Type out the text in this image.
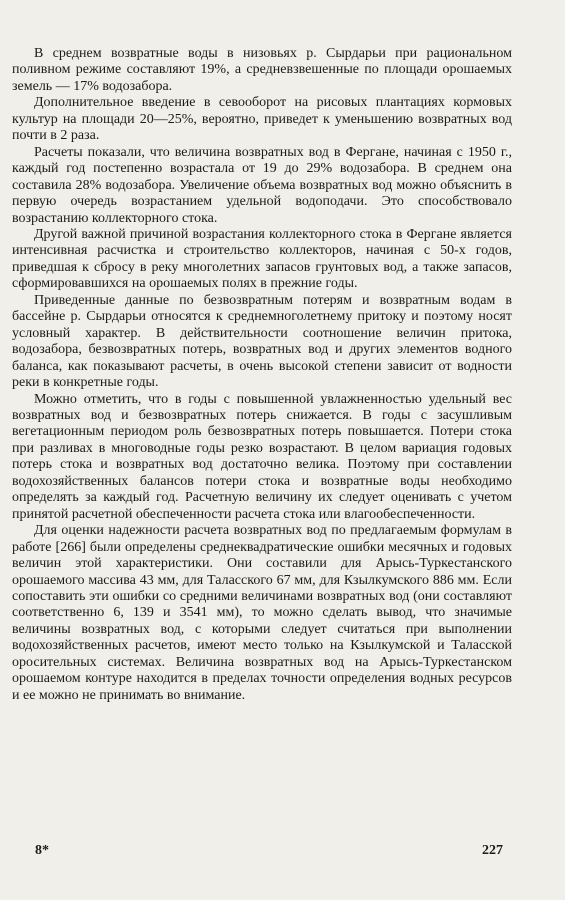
В среднем возвратные воды в низовьях р. Сырдарьи при рациональном поливном режиме составляют 19%, а средневзвешенные по площади орошаемых земель — 17% водозабора.

Дополнительное введение в севооборот на рисовых плантациях кормовых культур на площади 20—25%, вероятно, приведет к уменьшению возвратных вод почти в 2 раза.

Расчеты показали, что величина возвратных вод в Фергане, начиная с 1950 г., каждый год постепенно возрастала от 19 до 29% водозабора. В среднем она составила 28% водозабора. Увеличение объема возвратных вод можно объяснить в первую очередь возрастанием удельной водоподачи. Это способствовало возрастанию коллекторного стока.

Другой важной причиной возрастания коллекторного стока в Фергане является интенсивная расчистка и строительство коллекторов, начиная с 50-х годов, приведшая к сбросу в реку многолетних запасов грунтовых вод, а также запасов, сформировавшихся на орошаемых полях в прежние годы.

Приведенные данные по безвозвратным потерям и возвратным водам в бассейне р. Сырдарьи относятся к среднемноголетнему притоку и поэтому носят условный характер. В действительности соотношение величин притока, водозабора, безвозвратных потерь, возвратных вод и других элементов водного баланса, как показывают расчеты, в очень высокой степени зависит от водности реки в конкретные годы.

Можно отметить, что в годы с повышенной увлажненностью удельный вес возвратных вод и безвозвратных потерь снижается. В годы с засушливым вегетационным периодом роль безвозвратных потерь повышается. Потери стока при разливах в многоводные годы резко возрастают. В целом вариация годовых потерь стока и возвратных вод достаточно велика. Поэтому при составлении водохозяйственных балансов потери стока и возвратные воды необходимо определять за каждый год. Расчетную величину их следует оценивать с учетом принятой расчетной обеспеченности расчета стока или влагообеспеченности.

Для оценки надежности расчета возвратных вод по предлагаемым формулам в работе [266] были определены среднеквадратические ошибки месячных и годовых величин этой характеристики. Они составили для Арысь-Туркестанского орошаемого массива 43 мм, для Таласского 67 мм, для Кзылкумского 886 мм. Если сопоставить эти ошибки со средними величинами возвратных вод (они составляют соответственно 6, 139 и 3541 мм), то можно сделать вывод, что значимые величины возвратных вод, с которыми следует считаться при выполнении водохозяйственных расчетов, имеют место только на Кзылкумской и Таласской оросительных системах. Величина возвратных вод на Арысь-Туркестанском орошаемом контуре находится в пределах точности определения водных ресурсов и ее можно не принимать во внимание.

8*	227
